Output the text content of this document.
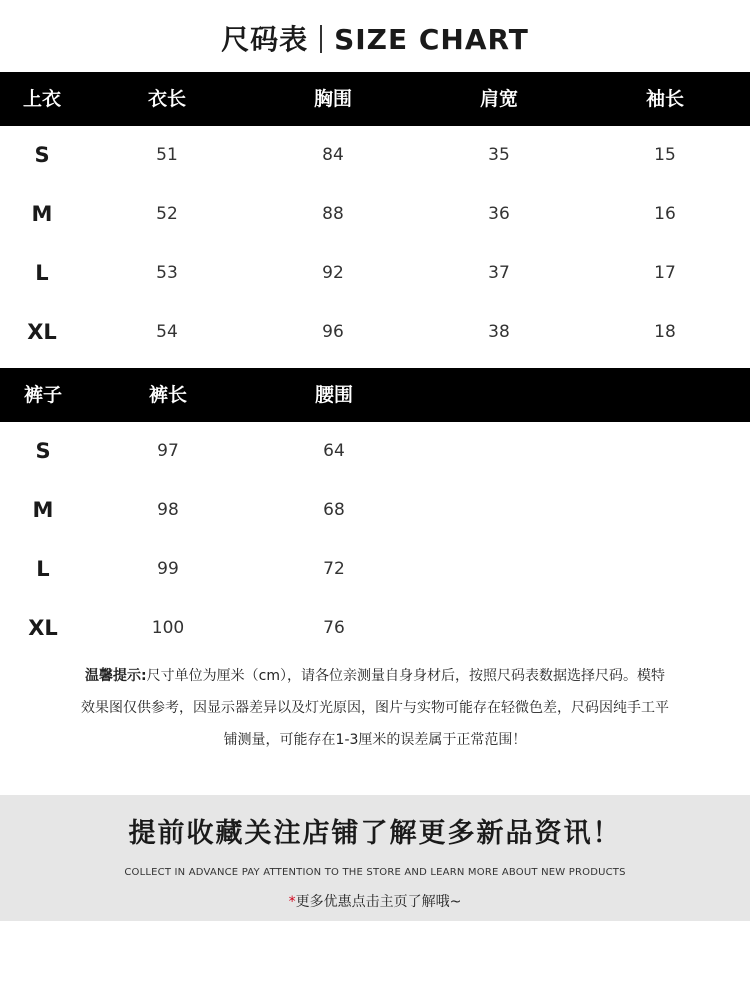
尺码表 SIZE CHART
上衣	衣长	胸围	肩宽	袖长
S	51	84	35	15
M	52	88	36	16
L	53	92	37	17
XL	54	96	38	18
裤子	裤长	腰围
S	97	64
M	98	68
L	99	72
XL	100	76
温馨提示:尺寸单位为厘米（cm），请各位亲测量自身身材后，按照尺码表数据选择尺码。模特
效果图仅供参考，因显示器差异以及灯光原因，图片与实物可能存在轻微色差，尺码因纯手工平
铺测量，可能存在1-3厘米的误差属于正常范围！
提前收藏关注店铺了解更多新品资讯！
COLLECT IN ADVANCE PAY ATTENTION TO THE STORE AND LEARN MORE ABOUT NEW PRODUCTS
*更多优惠点击主页了解哦~
